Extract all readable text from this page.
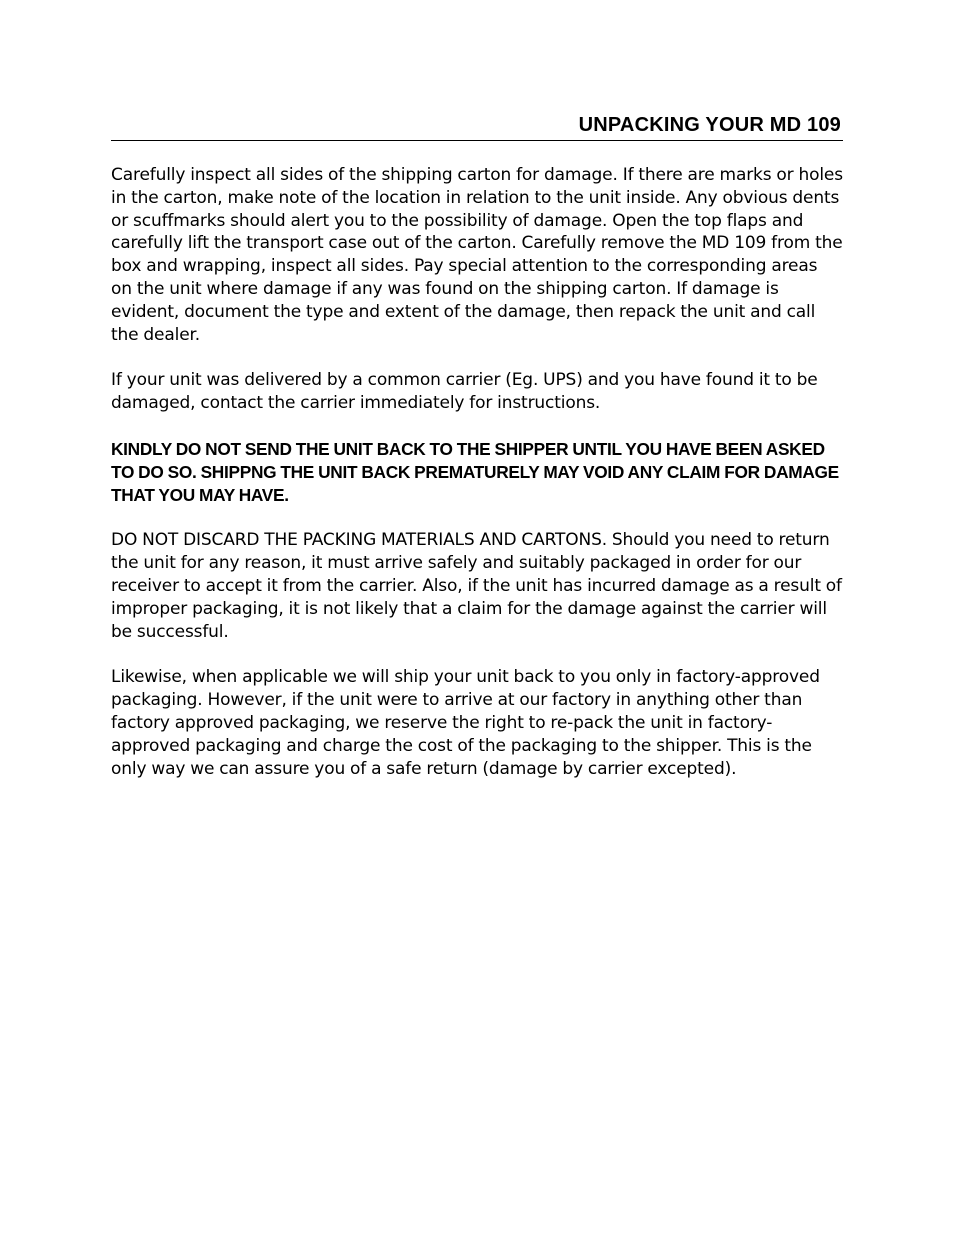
UNPACKING YOUR MD 109

Carefully inspect all sides of the shipping carton for damage. If there are marks or holes in the carton, make note of the location in relation to the unit inside. Any obvious dents or scuffmarks should alert you to the possibility of damage. Open the top flaps and carefully lift the transport case out of the carton. Carefully remove the MD 109 from the box and wrapping, inspect all sides. Pay special attention to the corresponding areas on the unit where damage if any was found on the shipping carton. If damage is evident, document the type and extent of the damage, then repack the unit and call the dealer.

If your unit was delivered by a common carrier (Eg. UPS) and you have found it to be damaged, contact the carrier immediately for instructions.

KINDLY DO NOT SEND THE UNIT BACK TO THE SHIPPER UNTIL YOU HAVE BEEN ASKED TO DO SO. SHIPPNG THE UNIT BACK PREMATURELY MAY VOID ANY CLAIM FOR DAMAGE THAT YOU MAY HAVE.

DO NOT DISCARD THE PACKING MATERIALS AND CARTONS. Should you need to return the unit for any reason, it must arrive safely and suitably packaged in order for our receiver to accept it from the carrier. Also, if the unit has incurred damage as a result of improper packaging, it is not likely that a claim for the damage against the carrier will be successful.

Likewise, when applicable we will ship your unit back to you only in factory-approved packaging. However, if the unit were to arrive at our factory in anything other than factory approved packaging, we reserve the right to re-pack the unit in factory-approved packaging and charge the cost of the packaging to the shipper. This is the only way we can assure you of a safe return (damage by carrier excepted).
